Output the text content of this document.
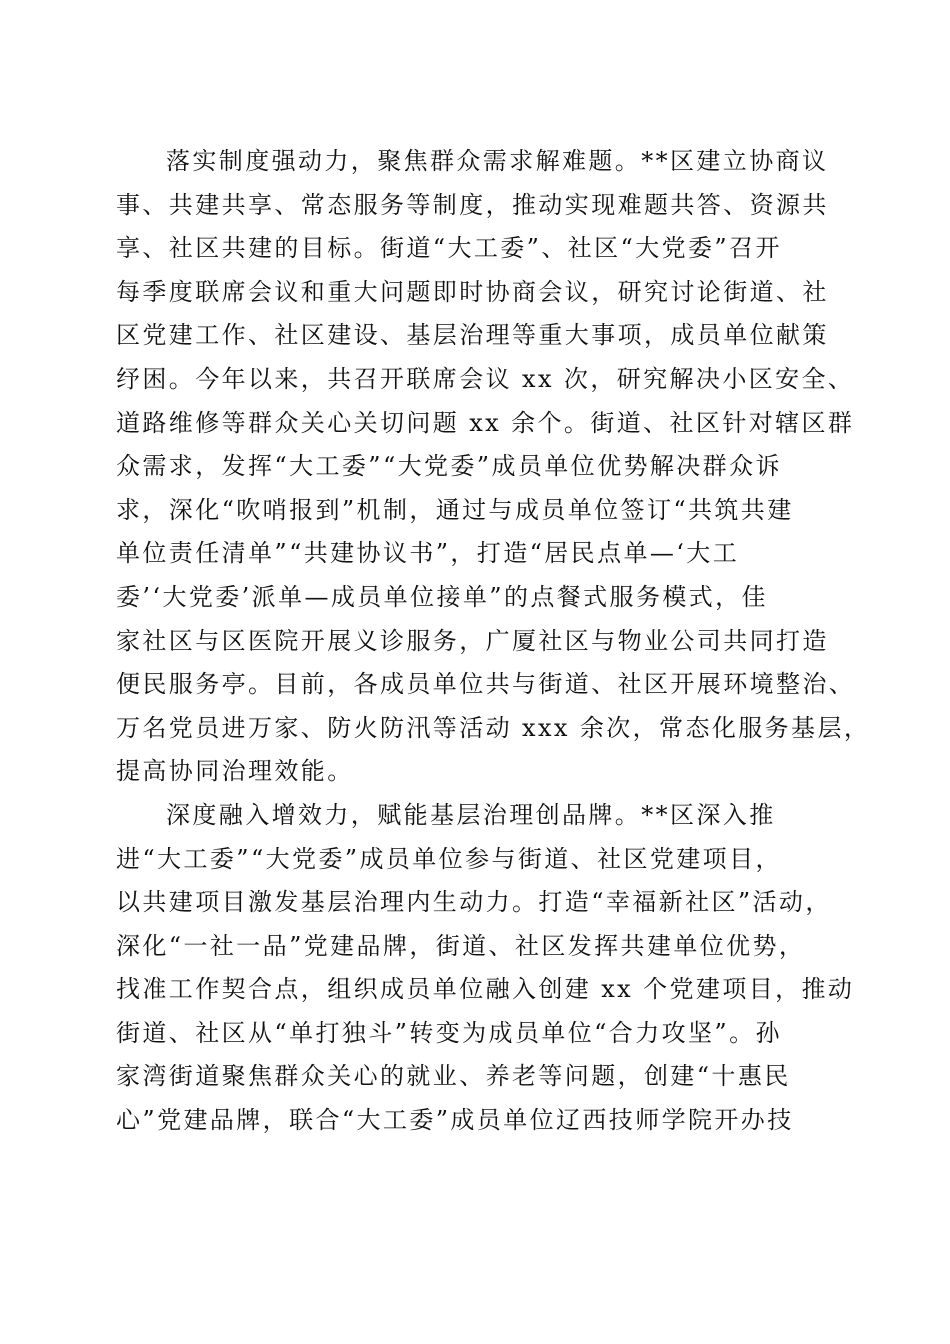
落实制度强动力，聚焦群众需求解难题。**区建立协商议
事、共建共享、常态服务等制度，推动实现难题共答、资源共
享、社区共建的目标。街道“大工委”、社区“大党委”召开
每季度联席会议和重大问题即时协商会议，研究讨论街道、社
区党建工作、社区建设、基层治理等重大事项，成员单位献策
纾困。今年以来，共召开联席会议 xx 次，研究解决小区安全、
道路维修等群众关心关切问题 xx 余个。街道、社区针对辖区群
众需求，发挥“大工委”“大党委”成员单位优势解决群众诉
求，深化“吹哨报到”机制，通过与成员单位签订“共筑共建
单位责任清单”“共建协议书”，打造“居民点单—‘大工
委’‘大党委’派单—成员单位接单”的点餐式服务模式，佳
家社区与区医院开展义诊服务，广厦社区与物业公司共同打造
便民服务亭。目前，各成员单位共与街道、社区开展环境整治、
万名党员进万家、防火防汛等活动 xxx 余次，常态化服务基层，
提高协同治理效能。
深度融入增效力，赋能基层治理创品牌。**区深入推
进“大工委”“大党委”成员单位参与街道、社区党建项目，
以共建项目激发基层治理内生动力。打造“幸福新社区”活动，
深化“一社一品”党建品牌，街道、社区发挥共建单位优势，
找准工作契合点，组织成员单位融入创建 xx 个党建项目，推动
街道、社区从“单打独斗”转变为成员单位“合力攻坚”。孙
家湾街道聚焦群众关心的就业、养老等问题，创建“十惠民
心”党建品牌，联合“大工委”成员单位辽西技师学院开办技
